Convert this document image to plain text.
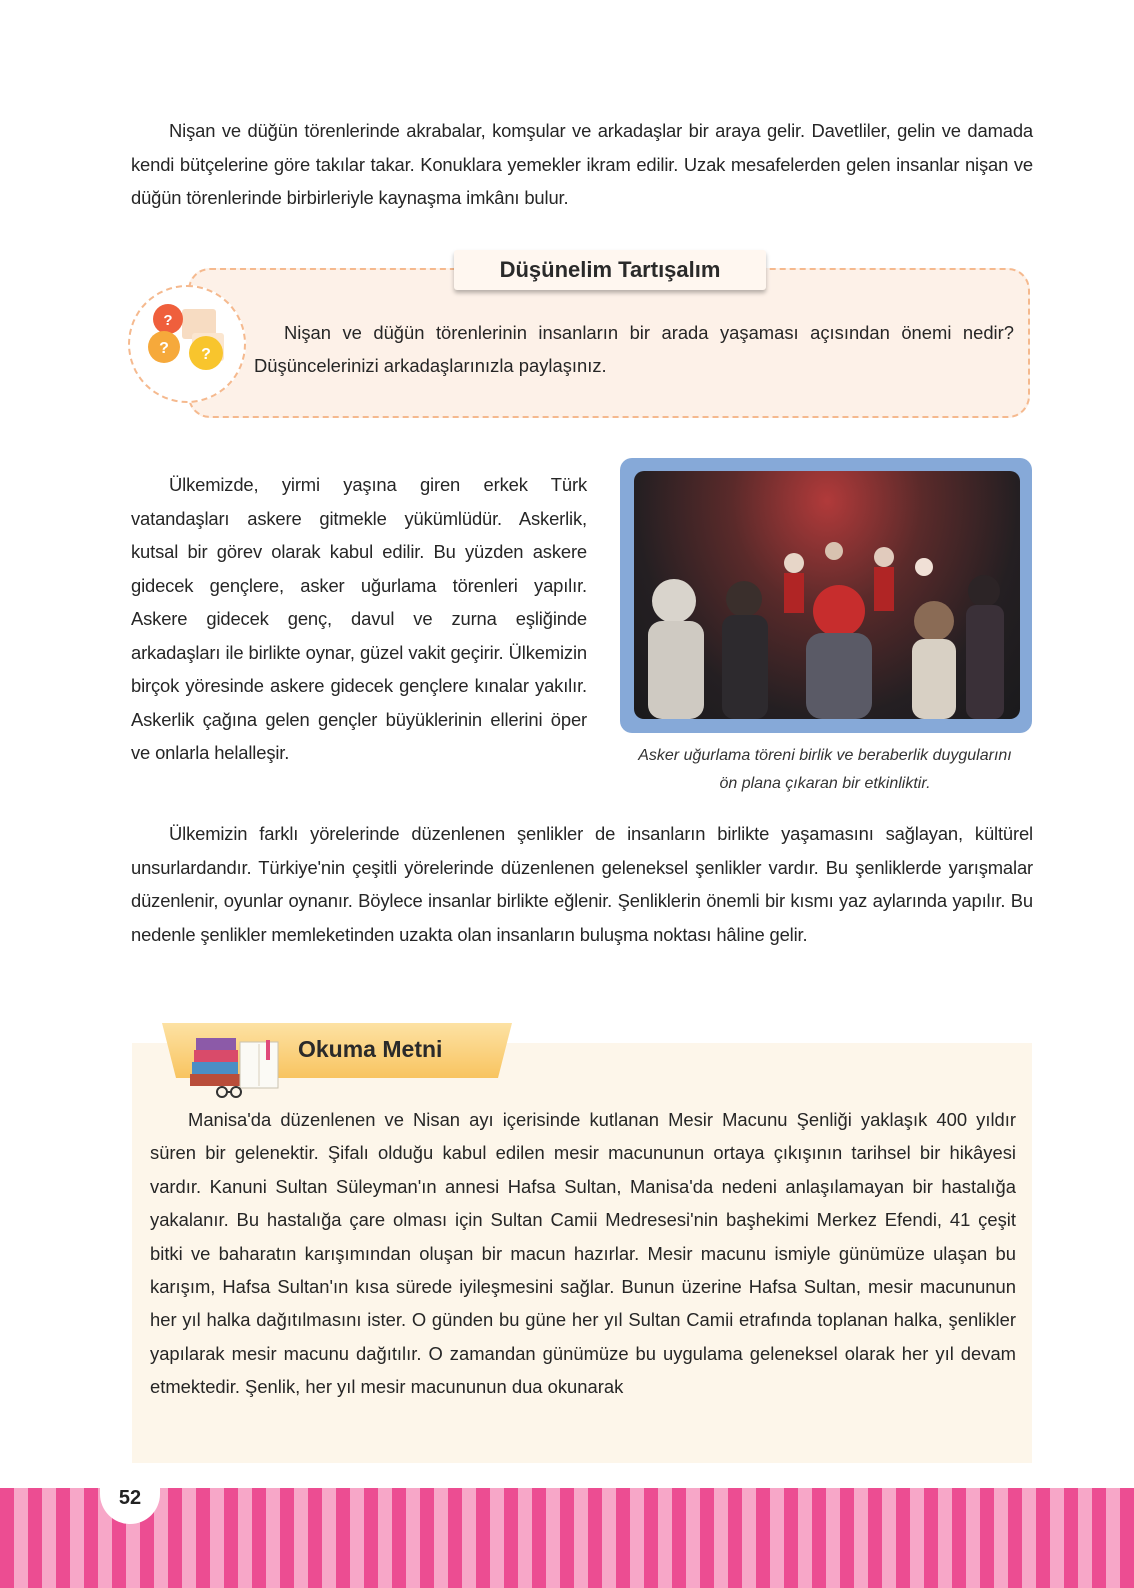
Nişan ve düğün törenlerinde akrabalar, komşular ve arkadaşlar bir araya gelir. Davetliler, gelin ve damada kendi bütçelerine göre takılar takar. Konuklara yemekler ikram edilir. Uzak mesafelerden gelen insanlar nişan ve düğün törenlerinde birbirleriyle kaynaşma imkânı bulur.

Düşünelim Tartışalım
?
? ?

Nişan ve düğün törenlerinin insanların bir arada yaşaması açısından önemi nedir? Düşüncelerinizi arkadaşlarınızla paylaşınız.

Ülkemizde, yirmi yaşına giren erkek Türk vatandaşları askere gitmekle yükümlüdür. Askerlik, kutsal bir görev olarak kabul edilir. Bu yüzden askere gidecek gençlere, asker uğurlama törenleri yapılır. Askere gidecek genç, davul ve zurna eşliğinde arkadaşları ile birlikte oynar, güzel vakit geçirir. Ülkemizin birçok yöresinde askere gidecek gençlere kınalar yakılır. Askerlik çağına gelen gençler büyüklerinin ellerini öper ve onlarla helalleşir.	Asker uğurlama töreni birlik ve beraberlik duygularını ön plana çıkaran bir etkinliktir.

Ülkemizin farklı yörelerinde düzenlenen şenlikler de insanların birlikte yaşamasını sağlayan, kültürel unsurlardandır. Türkiye'nin çeşitli yörelerinde düzenlenen geleneksel şenlikler vardır. Bu şenliklerde yarışmalar düzenlenir, oyunlar oynanır. Böylece insanlar birlikte eğlenir. Şenliklerin önemli bir kısmı yaz aylarında yapılır. Bu nedenle şenlikler memleketinden uzakta olan insanların buluşma noktası hâline gelir.

Okuma Metni

Manisa'da düzenlenen ve Nisan ayı içerisinde kutlanan Mesir Macunu Şenliği yaklaşık 400 yıldır süren bir gelenektir. Şifalı olduğu kabul edilen mesir macununun ortaya çıkışının tarihsel bir hikâyesi vardır. Kanuni Sultan Süleyman'ın annesi Hafsa Sultan, Manisa'da nedeni anlaşılamayan bir hastalığa yakalanır. Bu hastalığa çare olması için Sultan Camii Medresesi'nin başhekimi Merkez Efendi, 41 çeşit bitki ve baharatın karışımından oluşan bir macun hazırlar. Mesir macunu ismiyle günümüze ulaşan bu karışım, Hafsa Sultan'ın kısa sürede iyileşmesini sağlar. Bunun üzerine Hafsa Sultan, mesir macununun her yıl halka dağıtılmasını ister. O günden bu güne her yıl Sultan Camii etrafında toplanan halka, şenlikler yapılarak mesir macunu dağıtılır. O zamandan günümüze bu uygulama geleneksel olarak her yıl devam etmektedir. Şenlik, her yıl mesir macununun dua okunarak

52
